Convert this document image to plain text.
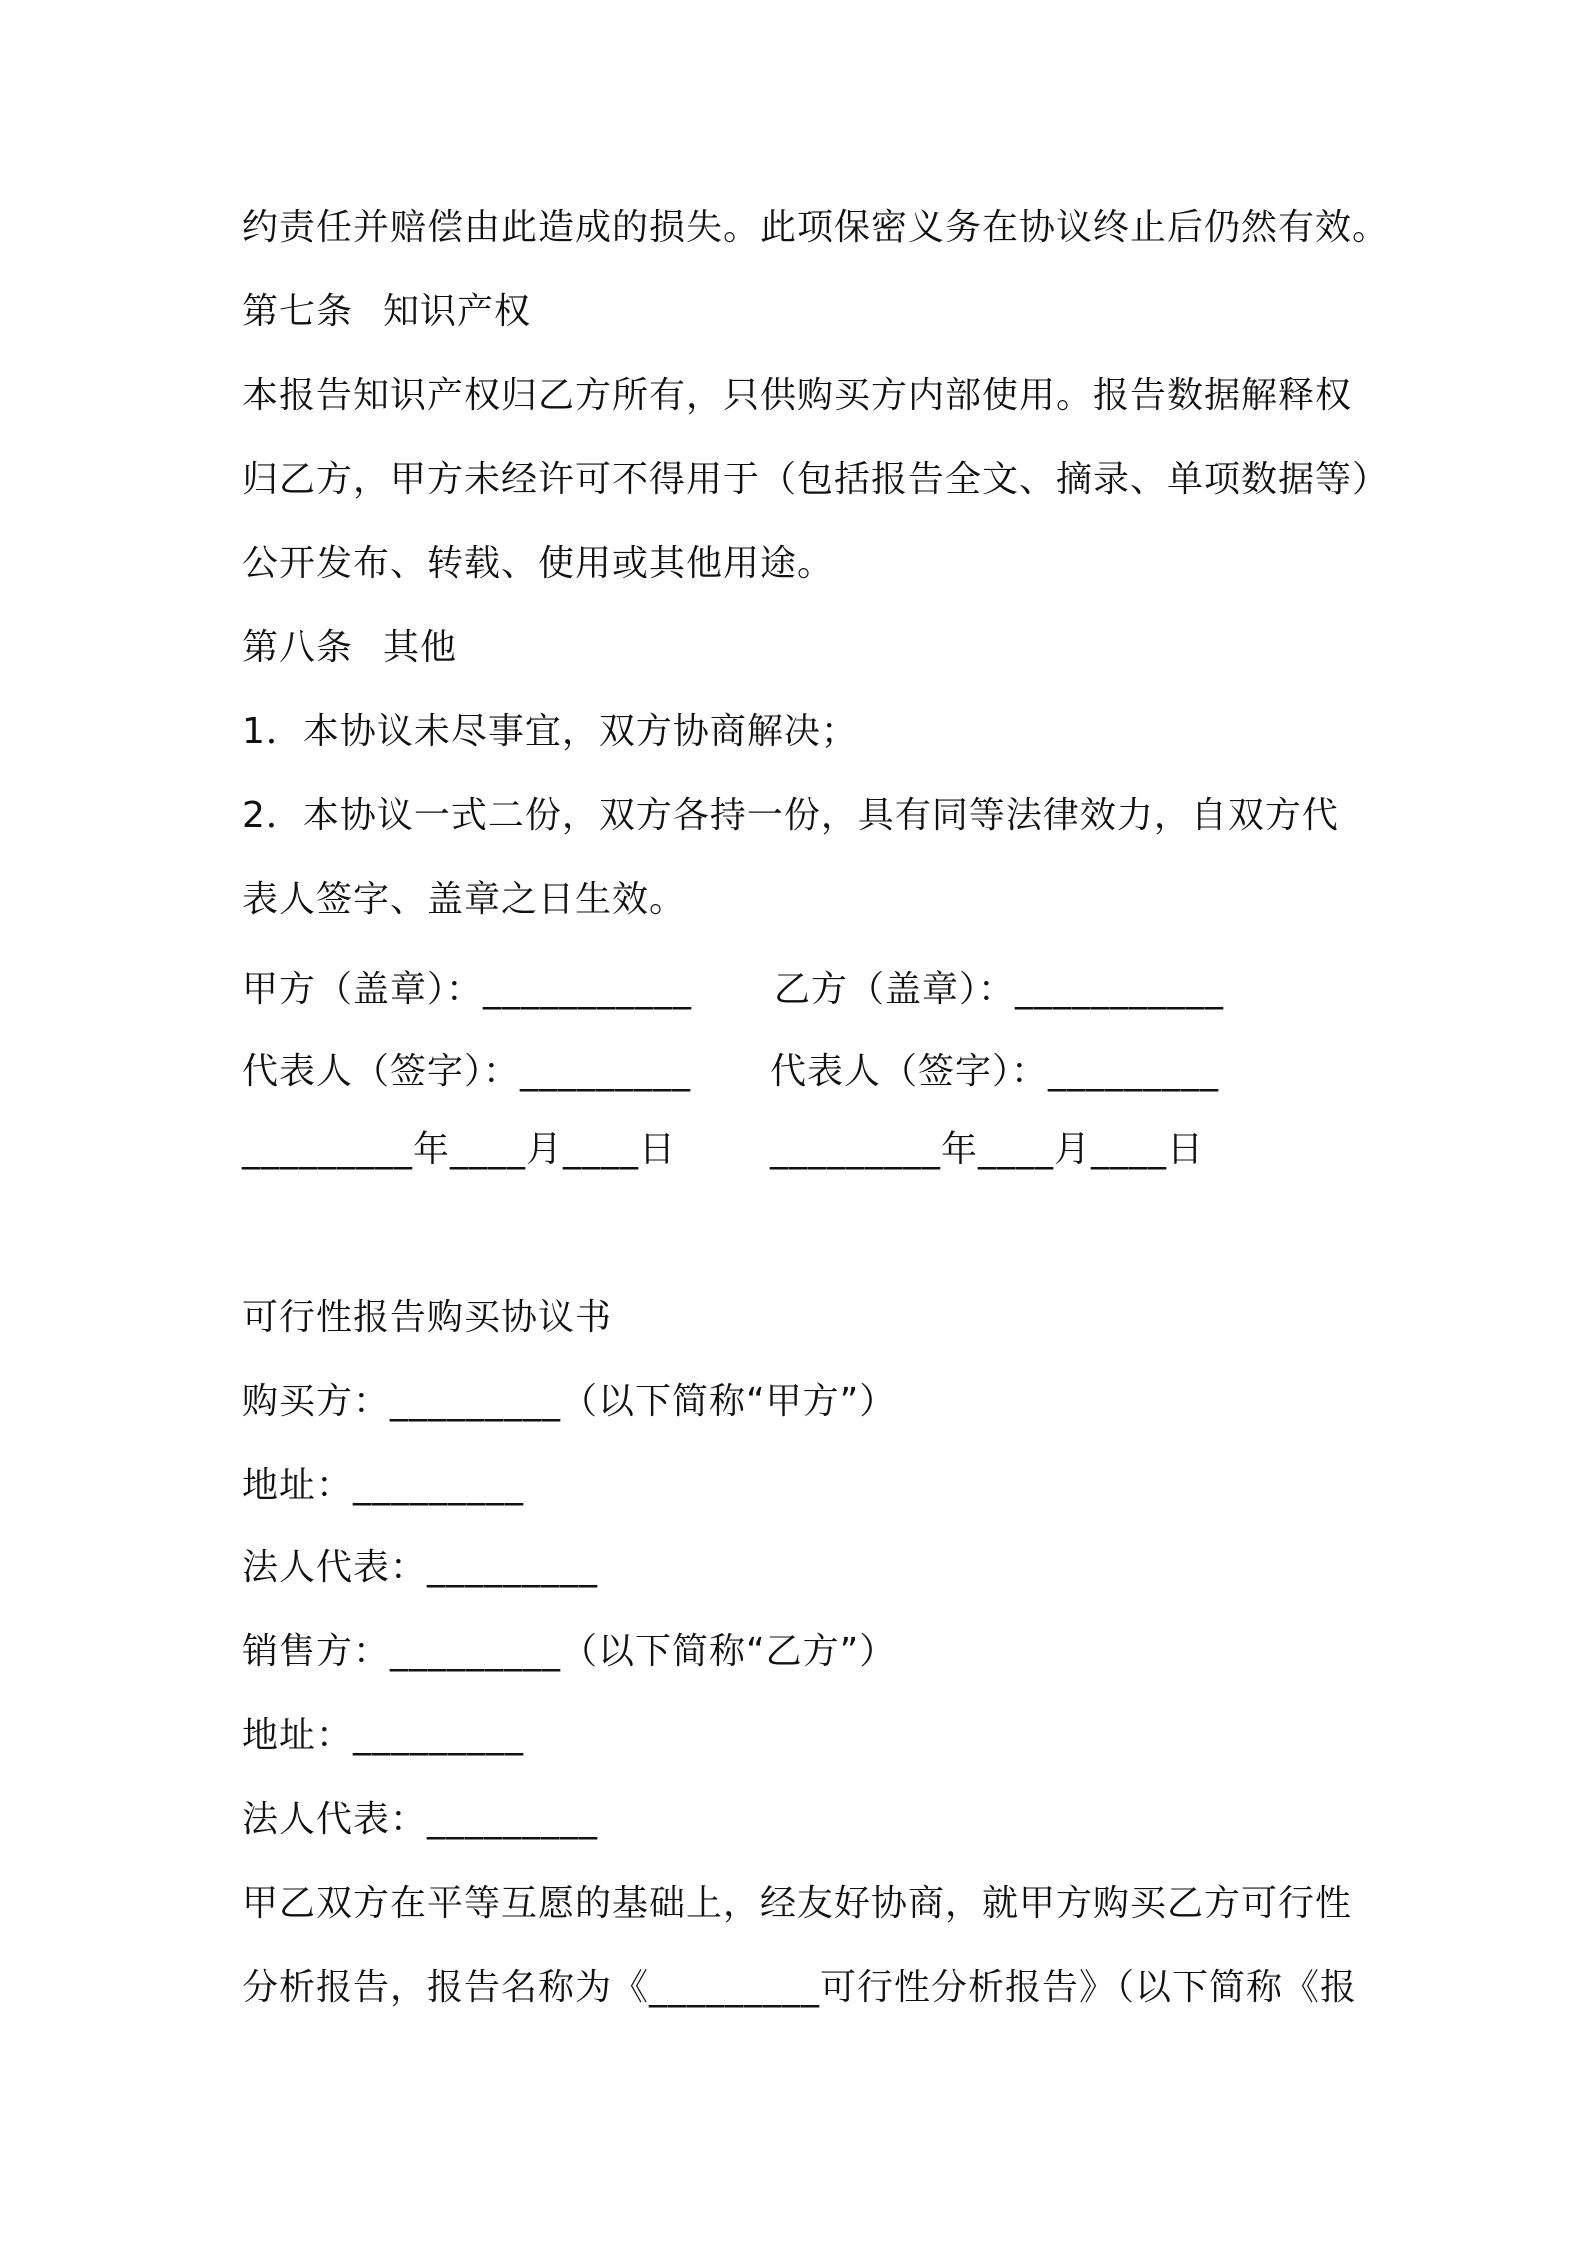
约责任并赔偿由此造成的损失。此项保密义务在协议终止后仍然有效。
第七条 知识产权
本报告知识产权归乙方所有，只供购买方内部使用。报告数据解释权
归乙方，甲方未经许可不得用于（包括报告全文、摘录、单项数据等）
公开发布、转载、使用或其他用途。
第八条 其他
1．本协议未尽事宜，双方协商解决；
2．本协议一式二份，双方各持一份，具有同等法律效力，自双方代
表人签字、盖章之日生效。
甲方（盖章）：___________ 乙方（盖章）：___________
代表人（签字）：_________ 代表人（签字）：_________
_________年____月____日	_________年____月____日
可行性报告购买协议书
购买方：_________（以下简称“甲方”）
地址：_________
法人代表：_________
销售方：_________（以下简称“乙方”）
地址：_________
法人代表：_________
甲乙双方在平等互愿的基础上，经友好协商，就甲方购买乙方可行性
分析报告，报告名称为《_________可行性分析报告》（以下简称《报
